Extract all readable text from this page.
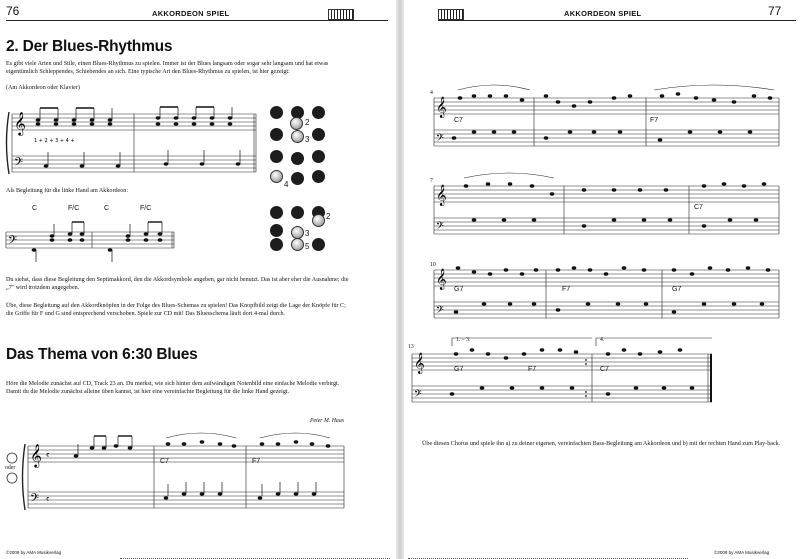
76	AKKORDEON SPIEL
2. Der Blues-Rhythmus

Es gibt viele Arten und Stile, einen Blues-Rhythmus zu spielen. Immer ist der Blues langsam oder sogar sehr langsam und hat etwas eigentümlich Schleppendes, Schiebendes an sich. Eine typische Art den Blues-Rhythmus zu spielen, ist hier gezeigt:

(Am Akkordeon oder Klavier)

𝄞
𝄢
1 + 2 + 3 + 4 +
2
3
4

Als Begleitung für die linke Hand am Akkordeon:

C	F/C	C	F/C
𝄢
2
3
5

Du siehst, dass diese Begleitung den Septimakkord, den die Akkordsymbole angeben, gar nicht benutzt. Das ist aber eher die Ausnahme; die „7" wird trotzdem angegeben.

Übe, diese Begleitung auf den Akkordknöpfen in der Folge des Blues-Schemas zu spielen! Das Knopfbild zeigt die Lage der Knöpfe für C; die Griffe für F und G sind entsprechend verschoben. Spiele zur CD mit! Das Bluesschema läuft dort 4-mal durch.

Das Thema von 6:30 Blues

Höre die Melodie zunächst auf CD, Track 23 an. Du merkst, wie sich hinter dem aufwändigen Notenbild eine einfache Melodie verbirgt. Damit du die Melodie zunächst alleine üben kannst, ist hier eine vereinfachte Begleitung für die linke Hand gezeigt.

Peter M. Haas
𝄞
𝄢
𝄴
𝄴
oder
C7	F7
©2009 by AMA Musikverlag
AKKORDEON SPIEL	77
𝄞
𝄢
4
C7	F7
𝄞
𝄢
7
C7
𝄞
𝄢
10
G7	F7	G7
𝄞
𝄢
13
1. – 3.	4.
G7	F7	C7

Übe diesen Chorus und spiele ihn a) zu deiner eigenen, vereinfachten Bass-Begleitung am Akkordeon und b) mit der rechten Hand zum Play-back.

©2009 by AMA Musikverlag
